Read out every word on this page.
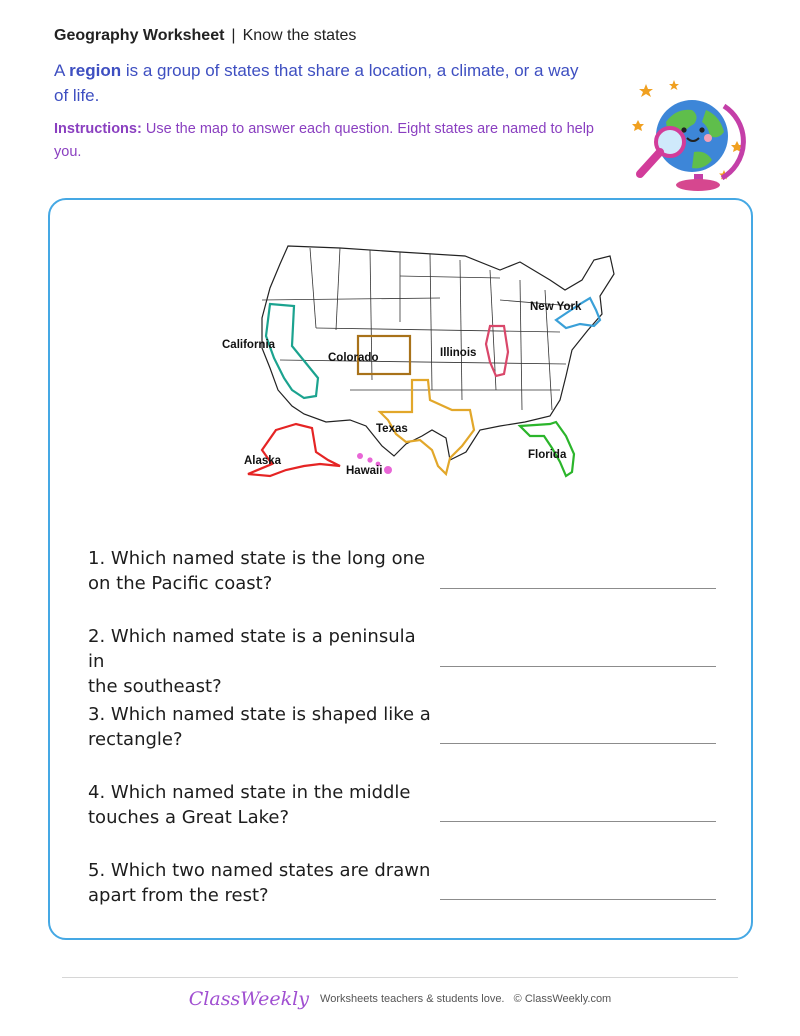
Geography Worksheet | Know the states
A region is a group of states that share a location, a climate, or a way of life.
Instructions: Use the map to answer each question. Eight states are named to help you.
New York
California
Colorado	Illinois
Texas
Alaska
Hawaii
Florida
1. Which named state is the long one
on the Pacific coast?
2. Which named state is a peninsula in
the southeast?
3. Which named state is shaped like a
rectangle?
4. Which named state in the middle
touches a Great Lake?
5. Which two named states are drawn
apart from the rest?
ClassWeekly Worksheets teachers & students love. © ClassWeekly.com
